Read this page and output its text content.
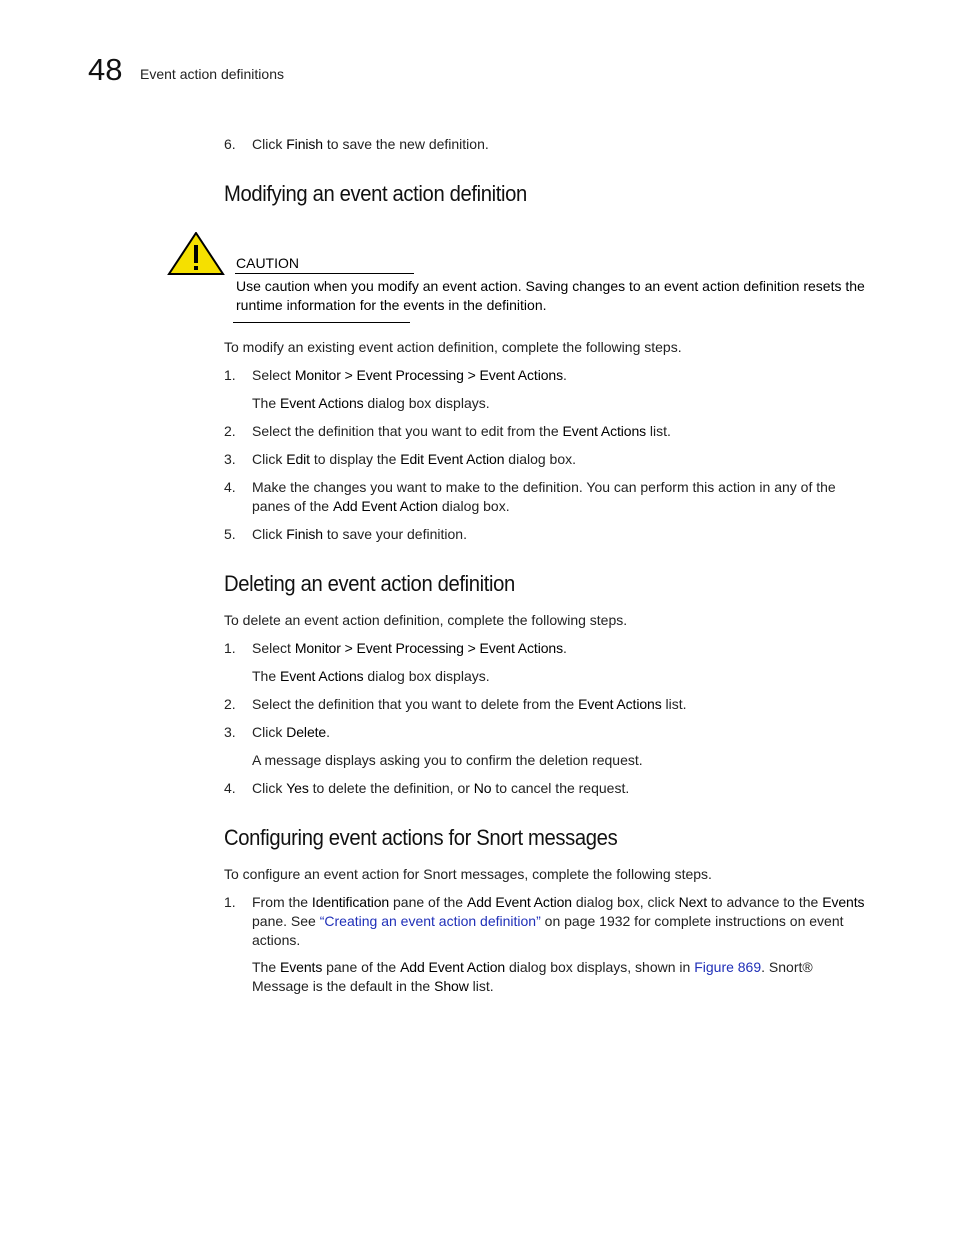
48 Event action definitions
6. Click Finish to save the new definition.
Modifying an event action definition
CAUTION
Use caution when you modify an event action. Saving changes to an event action definition resets the runtime information for the events in the definition.
To modify an existing event action definition, complete the following steps.
1. Select Monitor > Event Processing > Event Actions.
The Event Actions dialog box displays.
2. Select the definition that you want to edit from the Event Actions list.
3. Click Edit to display the Edit Event Action dialog box.
4. Make the changes you want to make to the definition. You can perform this action in any of the panes of the Add Event Action dialog box.
5. Click Finish to save your definition.
Deleting an event action definition
To delete an event action definition, complete the following steps.
1. Select Monitor > Event Processing > Event Actions.
The Event Actions dialog box displays.
2. Select the definition that you want to delete from the Event Actions list.
3. Click Delete.
A message displays asking you to confirm the deletion request.
4. Click Yes to delete the definition, or No to cancel the request.
Configuring event actions for Snort messages
To configure an event action for Snort messages, complete the following steps.
1. From the Identification pane of the Add Event Action dialog box, click Next to advance to the Events pane. See “Creating an event action definition” on page 1932 for complete instructions on event actions.
The Events pane of the Add Event Action dialog box displays, shown in Figure 869. Snort® Message is the default in the Show list.
